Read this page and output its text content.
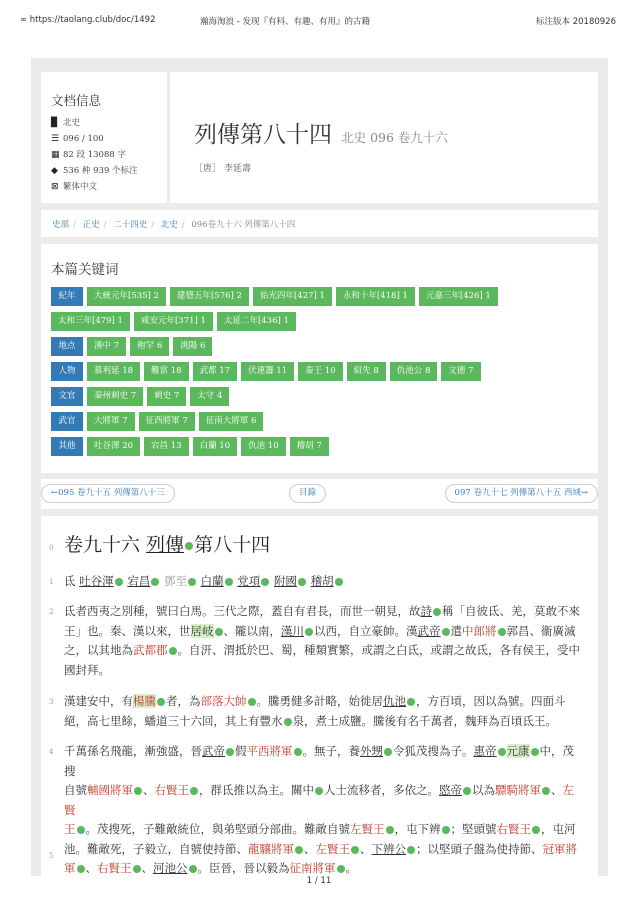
∞ https://taolang.club/doc/1492	瀚海淘浪 - 发现『有料、有趣、有用』的古籍	标注版本 20180926
文档信息
▉ 北史
☰ 096 / 100
▦ 82 段 13088 字
◆ 536 种 939 个标注
⊠ 繁体中文
列傳第八十四 北史 096 卷九十六
［唐］ 李延壽
史部 / 正史 / 二十四史 / 北史 / 096卷九十六 列傳第八十四
本篇关键词
紀年 大統元年[535] 2 建德五年[576] 2 始光四年[427] 1 永和十年[418] 1 元嘉三年[426] 1
太和三年[479] 1 咸安元年[371] 1 太延二年[436] 1
地点 漢中 7 枹罕 6 洮陽 6
人物 慕利延 18 難當 18 武都 17 伏連籌 11 秦王 10 紹先 8 仇池公 8 文德 7
文官 秦州刺史 7 刺史 7 太守 4
武官 大將軍 7 征西將軍 7 征南大將軍 6
其他 吐谷渾 20 宕昌 13 白蘭 10 仇池 10 稽胡 7
←095 卷九十五 列傳第八十三	目錄	097 卷九十七 列傳第八十五 西域→
0 卷九十六 列傳 第八十四
1 氐 吐谷渾 宕昌 鄧至 白蘭 党項 附國 稽胡
2 氐者西夷之別種，號曰白馬。三代之際，蓋自有君長，而世一朝見，故詩 稱「自彼氐、羌，莫敢不來
王」也。秦、漢以來，世居岐 、隴以南，漢川 以西，自立豪帥。漢武帝 遣中郎將 郭昌、衞廣滅
之，以其地為武都郡 。自汧、渭抵於巴、蜀，種類實繁，或謂之白氐，或謂之故氐，各有侯王，受中
國封拜。
3 漢建安中，有楊騰 者，為部落大帥 。騰勇健多計略，始徙居仇池 ，方百頃，因以為號。四面斗
絕，高七里餘，蟠道三十六回，其上有豐水 泉，煮土成鹽。騰後有名千萬者，魏拜為百頃氐王。
4 千萬孫名飛龍，漸強盛，晉武帝 假平西將軍 。無子，養外甥 令狐茂搜為子。惠帝 元康 中，茂搜
自號輔國將軍 、右賢王 ，群氐推以為主。關中 人士流移者，多依之。愍帝 以為驃騎將軍 、左賢
王 。茂搜死，子難敵統位，與弟堅頭分部曲。難敵自號左賢王 ，屯下辨 ；堅頭號右賢王 ，屯河
池。難敵死，子毅立，自號使持節、龍驤將軍 、左賢王 、下辨公 ；以堅頭子盤為使持節、冠軍將
軍 、右賢王 、河池公 。臣晉，晉以毅為征南將軍 。
5
1 / 11
